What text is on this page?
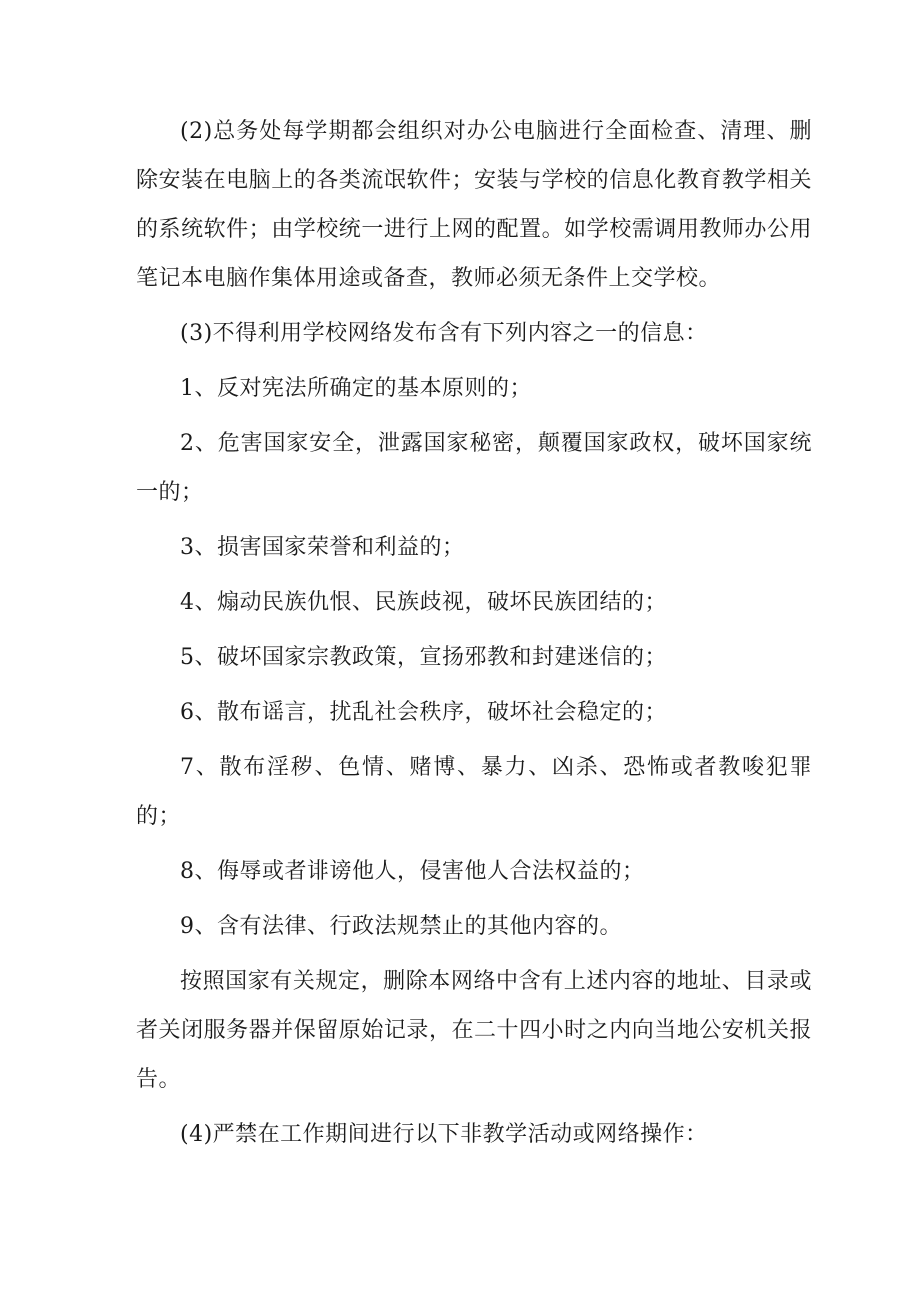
(2)总务处每学期都会组织对办公电脑进行全面检查、清理、删除安装在电脑上的各类流氓软件；安装与学校的信息化教育教学相关的系统软件；由学校统一进行上网的配置。如学校需调用教师办公用笔记本电脑作集体用途或备查，教师必须无条件上交学校。

(3)不得利用学校网络发布含有下列内容之一的信息：

1、反对宪法所确定的基本原则的；

2、危害国家安全，泄露国家秘密，颠覆国家政权，破坏国家统一的；

3、损害国家荣誉和利益的；

4、煽动民族仇恨、民族歧视，破坏民族团结的；

5、破坏国家宗教政策，宣扬邪教和封建迷信的；

6、散布谣言，扰乱社会秩序，破坏社会稳定的；

7、散布淫秽、色情、赌博、暴力、凶杀、恐怖或者教唆犯罪的；

8、侮辱或者诽谤他人，侵害他人合法权益的；

9、含有法律、行政法规禁止的其他内容的。

按照国家有关规定，删除本网络中含有上述内容的地址、目录或者关闭服务器并保留原始记录，在二十四小时之内向当地公安机关报告。

(4)严禁在工作期间进行以下非教学活动或网络操作：
